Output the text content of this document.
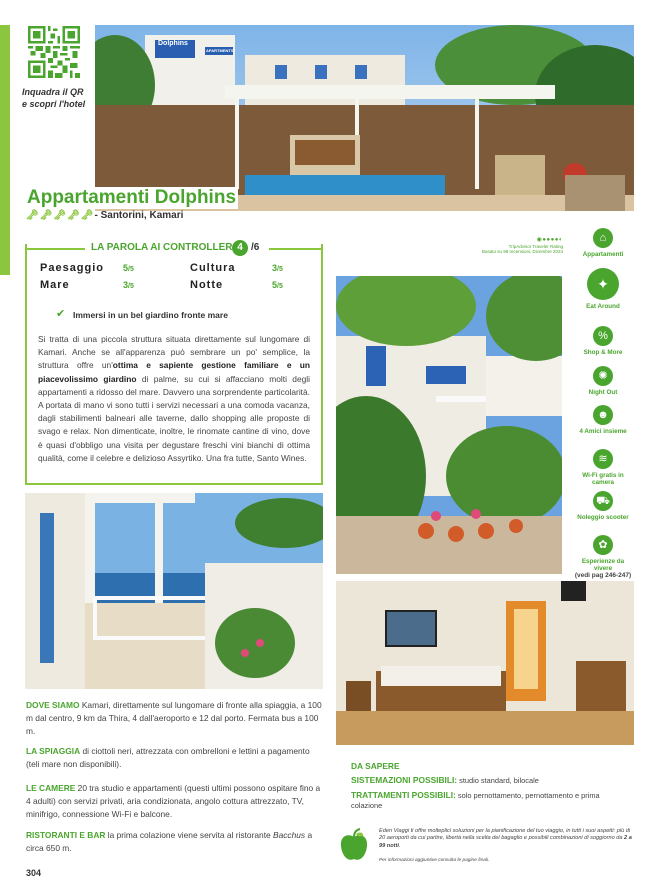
Inquadra il QR e scopri l'hotel
Dolphins
APARTMENTS
Appartamenti Dolphins
🗝🗝🗝🗝🗝- Santorini, Kamari
LA PAROLA AI CONTROLLER 4 /6
Paesaggio 5/5	Cultura	3/5
Mare	3/5	Notte	5/5
✔ Immersi in un bel giardino fronte mare
Si tratta di una piccola struttura situata direttamente sul lungomare di Kamari. Anche se all'apparenza può sembrare un po' semplice, la struttura offre un'ottima e sapiente gestione familiare e un piacevolissimo giardino di palme, su cui si affacciano molti degli appartamenti a ridosso del mare. Davvero una sorprendente particolarità. A portata di mano vi sono tutti i servizi necessari a una comoda vacanza, dagli stabilimenti balneari alle taverne, dallo shopping alle proposte di svago e relax. Non dimenticate, inoltre, le rinomate cantine di vino, dove è quasi d'obbligo una visita per degustare freschi vini bianchi di ottima qualità, come il celebre e delizioso Assyrtiko. Una fra tutte, Santo Wines.
◉●●●●◐
TripAdvisor Traveler Rating
Basato su 98 recensioni, Dicembre 2024
⌂
Appartamenti
✦
Eat Around
%
Shop & More
✺
Night Out
☻
4 Amici insieme
≋
Wi-Fi gratis in camera
⛟
Noleggio scooter
✿
Esperienze da vivere
(vedi pag 246-247)
DOVE SIAMO Kamari, direttamente sul lungomare di fronte alla spiaggia, a 100 m dal centro, 9 km da Thira, 4 dall'aeroporto e 12 dal porto. Fermata bus a 100 m.
LA SPIAGGIA di ciottoli neri, attrezzata con ombrelloni e lettini a pagamento (teli mare non disponibili).
LE CAMERE 20 tra studio e appartamenti (questi ultimi possono ospitare fino a 4 adulti) con servizi privati, aria condizionata, angolo cottura attrezzato, TV, minifrigo, connessione Wi-Fi e balcone.
RISTORANTI E BAR la prima colazione viene servita al ristorante Bacchus a circa 650 m.
DA SAPERE
SISTEMAZIONI POSSIBILI: studio standard, bilocale
TRATTAMENTI POSSIBILI: solo pernottamento, pernottamento e prima colazione
Eden Viaggi ti offre molteplici soluzioni per la pianificazione del tuo viaggio, in tutti i suoi aspetti: più di 20 aeroporti da cui partire, libertà nella scelta del bagaglio e possibili combinazioni di soggiorno da 2 a 99 notti.
Per informazioni aggiuntive consulta le pagine finali.
304
